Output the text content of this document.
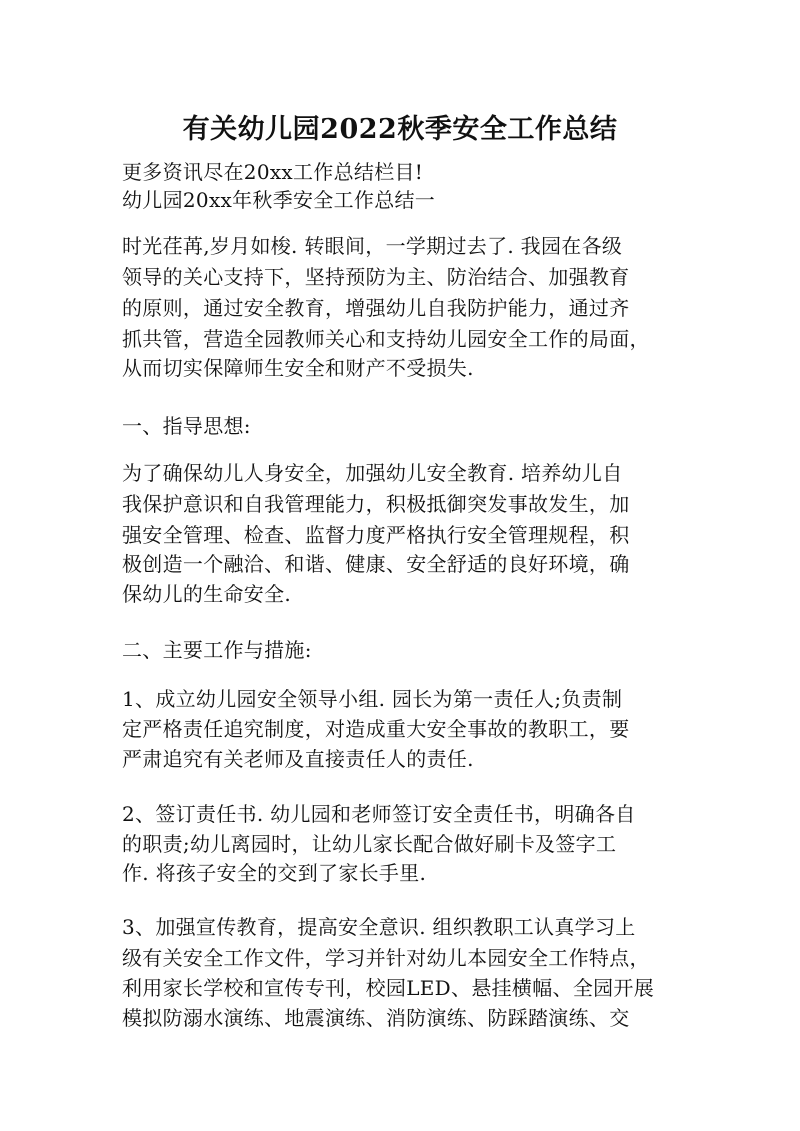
有关幼儿园2022秋季安全工作总结
更多资讯尽在20xx工作总结栏目!
幼儿园20xx年秋季安全工作总结一
时光荏苒,岁月如梭. 转眼间，一学期过去了. 我园在各级
领导的关心支持下，坚持预防为主、防治结合、加强教育
的原则，通过安全教育，增强幼儿自我防护能力，通过齐
抓共管，营造全园教师关心和支持幼儿园安全工作的局面，
从而切实保障师生安全和财产不受损失.
一、指导思想:
为了确保幼儿人身安全，加强幼儿安全教育. 培养幼儿自
我保护意识和自我管理能力，积极抵御突发事故发生，加
强安全管理、检查、监督力度严格执行安全管理规程，积
极创造一个融洽、和谐、健康、安全舒适的良好环境，确
保幼儿的生命安全.
二、主要工作与措施:
1、成立幼儿园安全领导小组. 园长为第一责任人;负责制
定严格责任追究制度，对造成重大安全事故的教职工，要
严肃追究有关老师及直接责任人的责任.
2、签订责任书. 幼儿园和老师签订安全责任书，明确各自
的职责;幼儿离园时，让幼儿家长配合做好刷卡及签字工
作. 将孩子安全的交到了家长手里.
3、加强宣传教育，提高安全意识. 组织教职工认真学习上
级有关安全工作文件，学习并针对幼儿本园安全工作特点，
利用家长学校和宣传专刊，校园LED、悬挂横幅、全园开展
模拟防溺水演练、地震演练、消防演练、防踩踏演练、交
